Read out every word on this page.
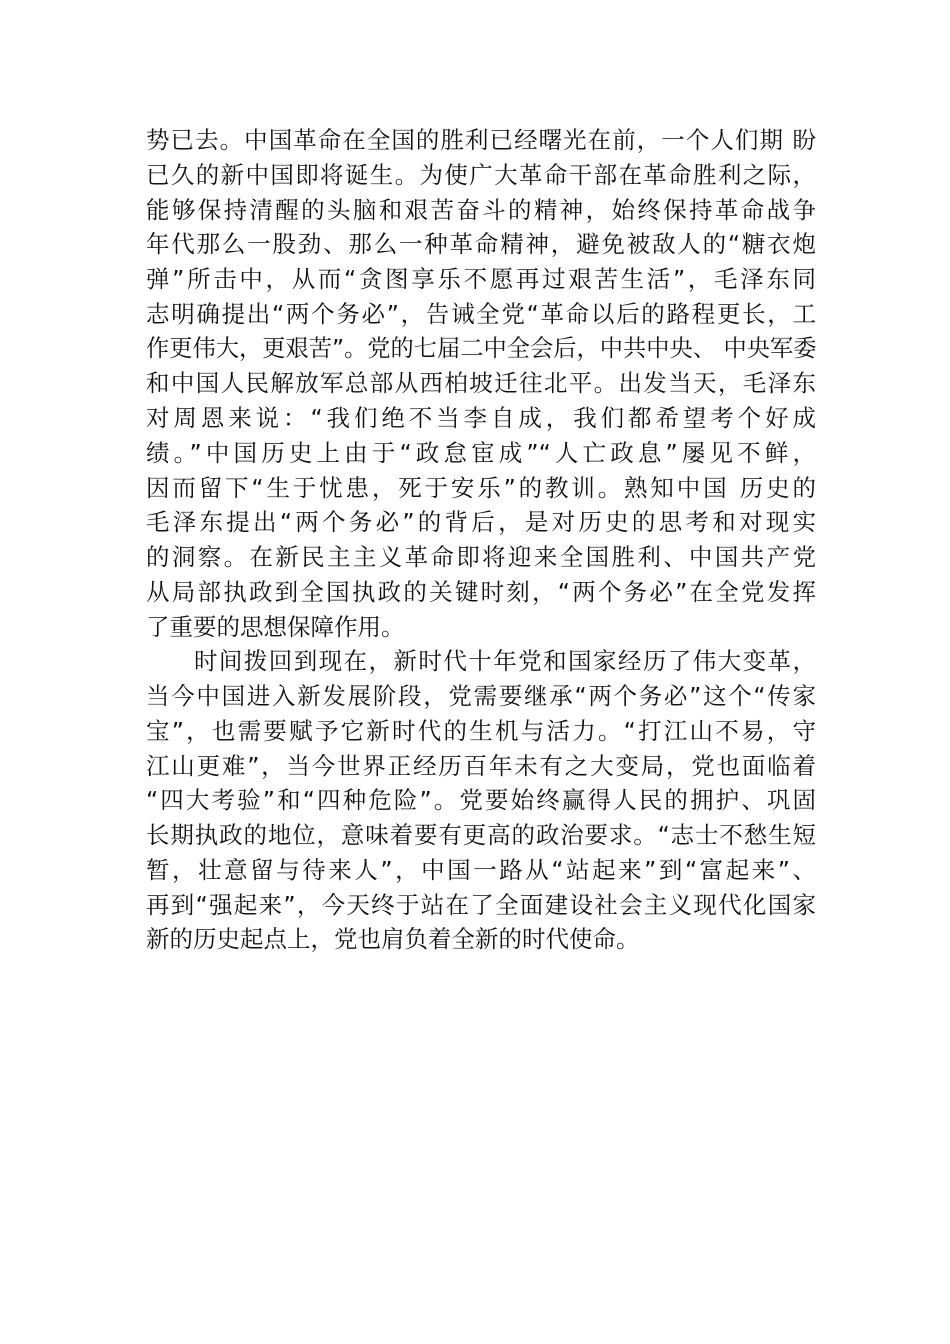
势已去。中国革命在全国的胜利已经曙光在前，一个人们期 盼
已久的新中国即将诞生。为使广大革命干部在革命胜利之际，
能够保持清醒的头脑和艰苦奋斗的精神，始终保持革命战争
年代那么一股劲、那么一种革命精神，避免被敌人的“糖衣炮
弹”所击中，从而“贪图享乐不愿再过艰苦生活”，毛泽东同
志明确提出“两个务必”，告诫全党“革命以后的路程更长，工
作更伟大，更艰苦”。党的七届二中全会后，中共中央、 中央军委
和中国人民解放军总部从西柏坡迁往北平。出发当天，毛泽东
对周恩来说：“我们绝不当李自成，我们都希望考个好成
绩。”中国历史上由于“政怠宦成”“人亡政息”屡见不鲜，
因而留下“生于忧患，死于安乐”的教训。熟知中国 历史的
毛泽东提出“两个务必”的背后，是对历史的思考和对现实
的洞察。在新民主主义革命即将迎来全国胜利、中国共产党
从局部执政到全国执政的关键时刻，“两个务必”在全党发挥
了重要的思想保障作用。
时间拨回到现在，新时代十年党和国家经历了伟大变革，
当今中国进入新发展阶段，党需要继承“两个务必”这个“传家
宝”，也需要赋予它新时代的生机与活力。“打江山不易，守
江山更难”，当今世界正经历百年未有之大变局，党也面临着
“四大考验”和“四种危险”。党要始终赢得人民的拥护、巩固
长期执政的地位，意味着要有更高的政治要求。“志士不愁生短
暂，壮意留与待来人”，中国一路从“站起来”到“富起来”、
再到“强起来”，今天终于站在了全面建设社会主义现代化国家
新的历史起点上，党也肩负着全新的时代使命。
